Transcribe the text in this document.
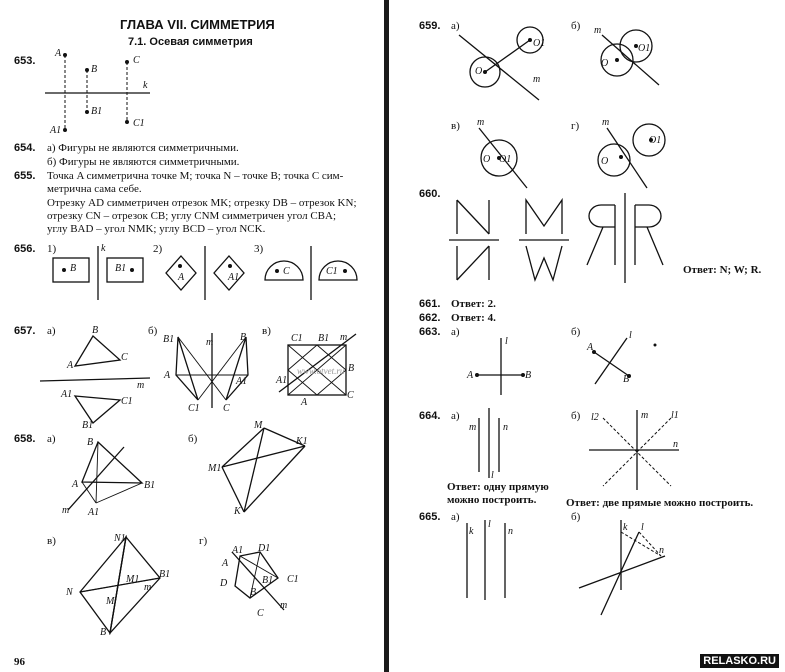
ГЛАВА VII. СИММЕТРИЯ
7.1. Осевая симметрия
653.
A
B
C
k
B1
A1
C1
654. а) Фигуры не являются симметричными.
б) Фигуры не являются симметричными.
655. Точка A симметрична точке M; точка N – точке B; точка C сим-
метрична сама себе.
Отрезку AD симметричен отрезок MK; отрезку DB – отрезок KN;
отрезку CN – отрезок CB; углу CNM симметричен угол CBA;
углу BAD – угол NMK; углу BCD – угол NCK.
656. 1)	2)	3)
k
B	B1
A	A1
C	C1
657. а)	б)	в)
B
A
C
A1
B1
C1
m
B1	m	B
A
A1
C1 C
C1 B1 m
A1
B
A
C
www.otvet.ru
658. а)	б)
в)	г)
B
A	B1
A1
m
M
K1
M1
K
N1
N
M1 B1
M
m
B
A1 D1
A
D	B1 C1
B
m
C
96
659. а)	б)
в)	г)
O
O1
m
m
O
O1
m
O O1
m
O
O1
660.
Ответ: N; W; R.
661. Ответ: 2.
662. Ответ: 4.
663. а)	б)
l
A	B
l
A
B
664. а)	б)
m	n
l
m l1
l2
n
Ответ: одну прямую
можно построить.	Ответ: две прямые можно построить.
665. а)	б)
k
l
n	k l
n
RELASKO.RU
